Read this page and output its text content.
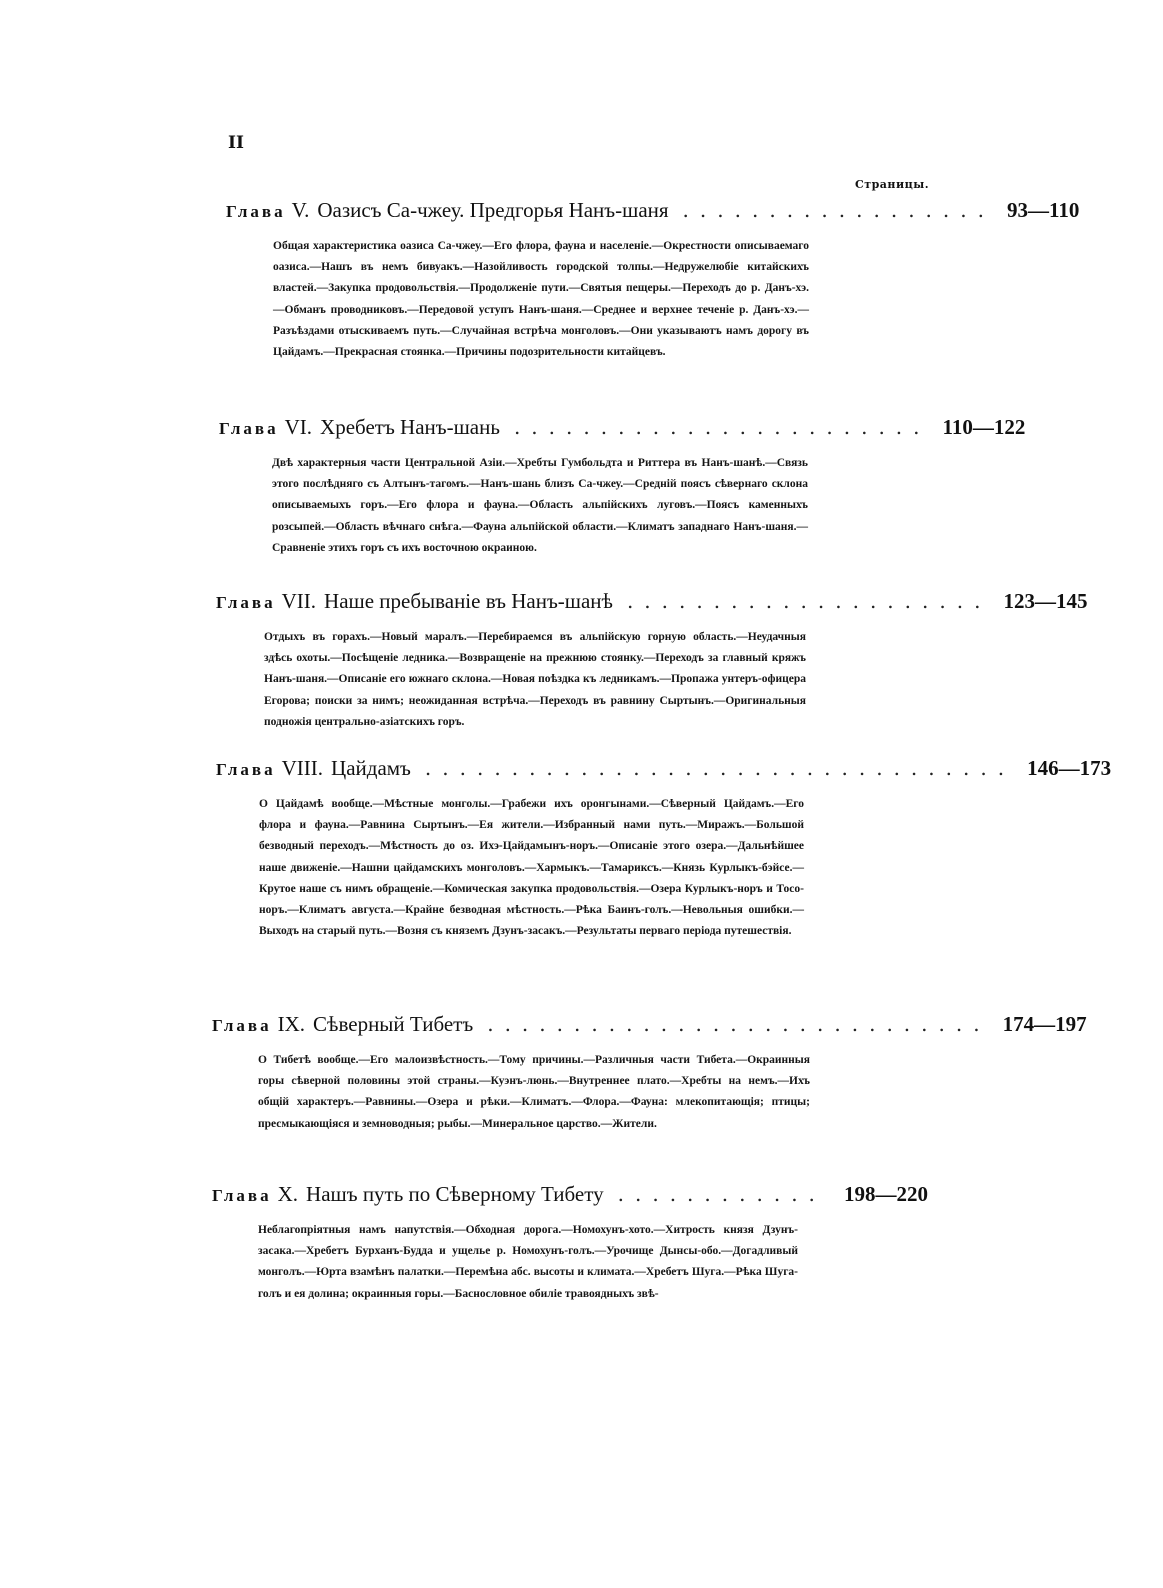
II
Страницы.
Глава V. Оазисъ Са-чжеу. Предгорья Нанъ-шаня .................. 93—110
Общая характеристика оазиса Са-чжеу.—Его флора, фауна и населеніе.—Окрестности описываемаго оазиса.—Нашъ въ немъ бивуакъ.—Назойливость городской толпы.—Недружелюбіе китайскихъ властей.—Закупка продовольствія.—Продолженіе пути.—Святыя пещеры.—Переходъ до р. Данъ-хэ.—Обманъ проводниковъ.—Передовой уступъ Нанъ-шаня.—Среднее и верхнее теченіе р. Данъ-хэ.—Разъѣздами отыскиваемъ путь.—Случайная встрѣча монголовъ.—Они указываютъ намъ дорогу въ Цайдамъ.—Прекрасная стоянка.—Причины подозрительности китайцевъ.
Глава VI. Хребетъ Нанъ-шань ........................ 110—122
Двѣ характерныя части Центральной Азіи.—Хребты Гумбольдта и Риттера въ Нанъ-шанѣ.—Связь этого послѣдняго съ Алтынъ-тагомъ.—Нанъ-шань близъ Са-чжеу.—Средній поясъ сѣвернаго склона описываемыхъ горъ.—Его флора и фауна.—Область альпійскихъ луговъ.—Поясъ каменныхъ розсыпей.—Область вѣчнаго снѣга.—Фауна альпійской области.—Климатъ западнаго Нанъ-шаня.—Сравненіе этихъ горъ съ ихъ восточною окраиною.
Глава VII. Наше пребываніе въ Нанъ-шанѣ ..................... 123—145
Отдыхъ въ горахъ.—Новый маралъ.—Перебираемся въ альпійскую горную область.—Неудачныя здѣсь охоты.—Посѣщеніе ледника.—Возвращеніе на прежнюю стоянку.—Переходъ за главный кряжъ Нанъ-шаня.—Описаніе его южнаго склона.—Новая поѣздка къ ледникамъ.—Пропажа унтеръ-офицера Егорова; поиски за нимъ; неожиданная встрѣча.—Переходъ въ равнину Сыртынъ.—Оригинальныя подножія центрально-азіатскихъ горъ.
Глава VIII. Цайдамъ .................................. 146—173
О Цайдамѣ вообще.—Мѣстные монголы.—Грабежи ихъ оронгынами.—Сѣверный Цайдамъ.—Его флора и фауна.—Равнина Сыртынъ.—Ея жители.—Избранный нами путь.—Миражъ.—Большой безводный переходъ.—Мѣстность до оз. Ихэ-Цайдамынъ-норъ.—Описаніе этого озера.—Дальнѣйшее наше движеніе.—Нашни цайдамскихъ монголовъ.—Хармыкъ.—Тамариксъ.—Князь Курлыкъ-бэйсе.—Крутое наше съ нимъ обращеніе.—Комическая закупка продовольствія.—Озера Курлыкъ-норъ и Тосо-норъ.—Климатъ августа.—Крайне безводная мѣстность.—Рѣка Баинъ-голъ.—Невольныя ошибки.—Выходъ на старый путь.—Возня съ княземъ Дзунъ-засакъ.—Результаты перваго періода путешествія.
Глава IX. Сѣверный Тибетъ ............................. 174—197
О Тибетѣ вообще.—Его малоизвѣстность.—Тому причины.—Различныя части Тибета.—Окраинныя горы сѣверной половины этой страны.—Куэнъ-люнь.—Внутреннее плато.—Хребты на немъ.—Ихъ общій характеръ.—Равнины.—Озера и рѣки.—Климатъ.—Флора.—Фауна: млекопитающія; птицы; пресмыкающіяся и земноводныя; рыбы.—Минеральное царство.—Жители.
Глава X. Нашъ путь по Сѣверному Тибету ............ 198—220
Неблагопріятныя намъ напутствія.—Обходная дорога.—Номохунъ-хото.—Хитрость князя Дзунъ-засака.—Хребетъ Бурханъ-Будда и ущелье р. Номохунъ-голъ.—Урочище Дынсы-обо.—Догадливый монголъ.—Юрта взамѣнъ палатки.—Перемѣна абс. высоты и климата.—Хребетъ Шуга.—Рѣка Шуга-голъ и ея долина; окраинныя горы.—Баснословное обиліе травоядныхъ звѣ-
